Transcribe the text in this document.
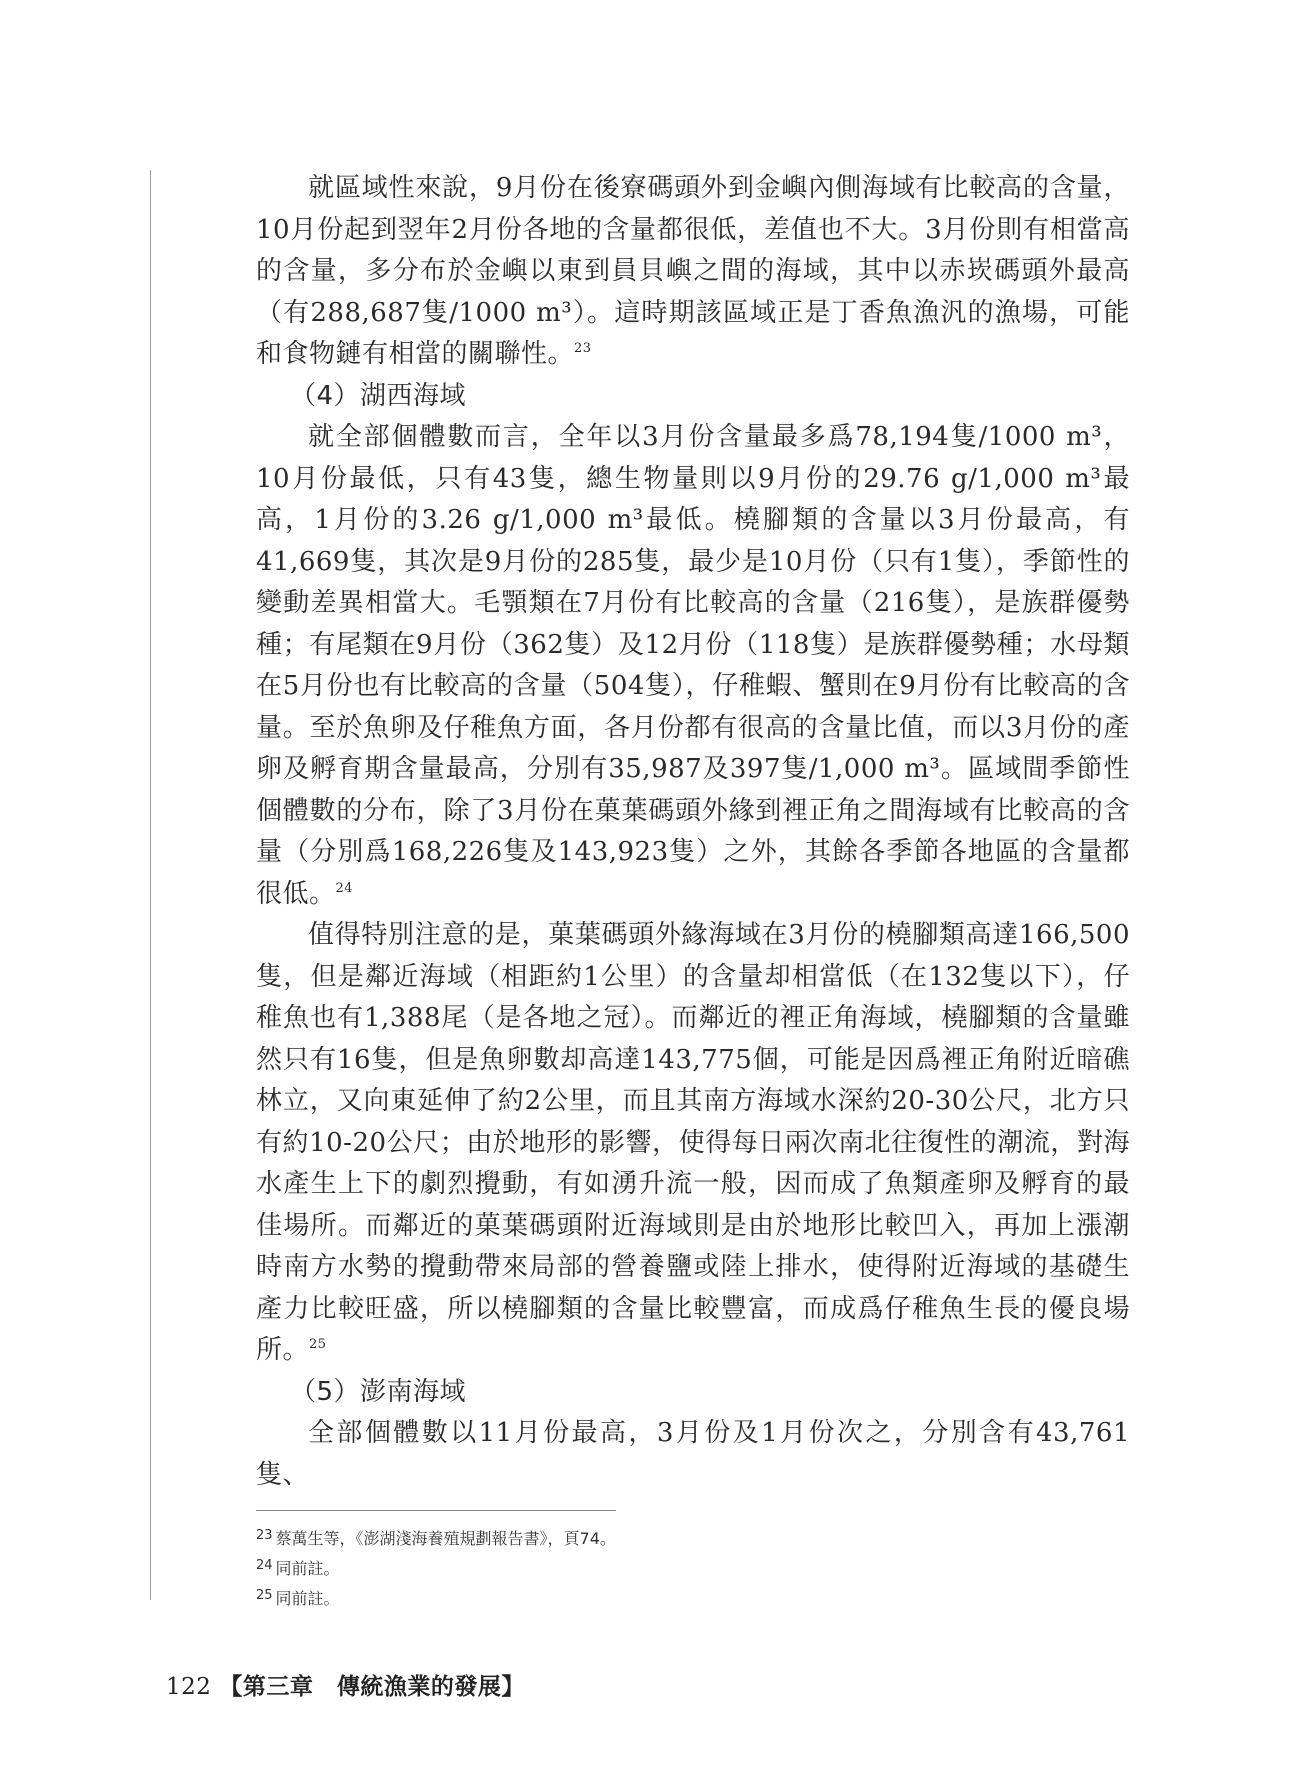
就區域性來說，9月份在後寮碼頭外到金嶼內側海域有比較高的含量，10月份起到翌年2月份各地的含量都很低，差值也不大。3月份則有相當高的含量，多分布於金嶼以東到員貝嶼之間的海域，其中以赤崁碼頭外最高（有288,687隻/1000 m³）。這時期該區域正是丁香魚漁汎的漁場，可能和食物鏈有相當的關聯性。$^{23}$

（4）湖西海域

就全部個體數而言，全年以3月份含量最多爲78,194隻/1000 m³，10月份最低，只有43隻，總生物量則以9月份的29.76 g/1,000 m³最高，1月份的3.26 g/1,000 m³最低。橈腳類的含量以3月份最高，有41,669隻，其次是9月份的285隻，最少是10月份（只有1隻），季節性的變動差異相當大。毛顎類在7月份有比較高的含量（216隻），是族群優勢種；有尾類在9月份（362隻）及12月份（118隻）是族群優勢種；水母類在5月份也有比較高的含量（504隻），仔稚蝦、蟹則在9月份有比較高的含量。至於魚卵及仔稚魚方面，各月份都有很高的含量比值，而以3月份的產卵及孵育期含量最高，分別有35,987及397隻/1,000 m³。區域間季節性個體數的分布，除了3月份在菓葉碼頭外緣到裡正角之間海域有比較高的含量（分別爲168,226隻及143,923隻）之外，其餘各季節各地區的含量都很低。$^{24}$

值得特別注意的是，菓葉碼頭外緣海域在3月份的橈腳類高達166,500隻，但是鄰近海域（相距約1公里）的含量却相當低（在132隻以下），仔稚魚也有1,388尾（是各地之冠）。而鄰近的裡正角海域，橈腳類的含量雖然只有16隻，但是魚卵數却高達143,775個，可能是因爲裡正角附近暗礁林立，又向東延伸了約2公里，而且其南方海域水深約20-30公尺，北方只有約10-20公尺；由於地形的影響，使得每日兩次南北往復性的潮流，對海水產生上下的劇烈攪動，有如湧升流一般，因而成了魚類產卵及孵育的最佳場所。而鄰近的菓葉碼頭附近海域則是由於地形比較凹入，再加上漲潮時南方水勢的攪動帶來局部的營養鹽或陸上排水，使得附近海域的基礎生產力比較旺盛，所以橈腳類的含量比較豐富，而成爲仔稚魚生長的優良場所。$^{25}$

（5）澎南海域

全部個體數以11月份最高，3月份及1月份次之，分別含有43,761隻、

$^{23}$ 蔡萬生等，《澎湖淺海養殖規劃報告書》，頁74。

$^{24}$ 同前註。

$^{25}$ 同前註。

122 【第三章　傳統漁業的發展】
